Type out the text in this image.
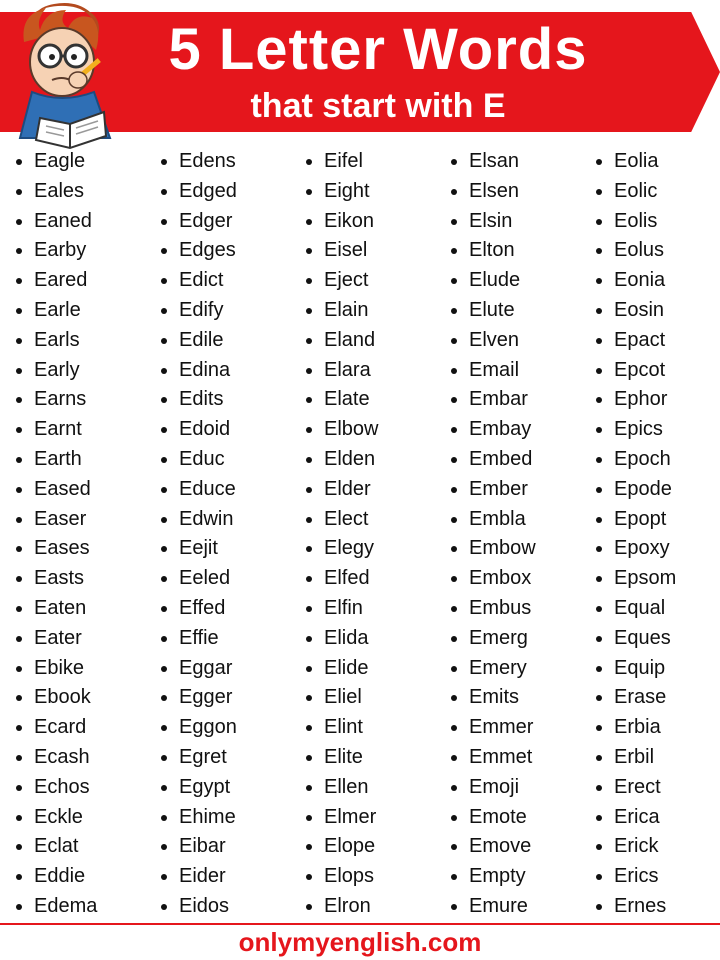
5 Letter Words
that start with E
Eagle
Eales
Eaned
Earby
Eared
Earle
Earls
Early
Earns
Earnt
Earth
Eased
Easer
Eases
Easts
Eaten
Eater
Ebike
Ebook
Ecard
Ecash
Echos
Eckle
Eclat
Eddie
Edema
Edens
Edged
Edger
Edges
Edict
Edify
Edile
Edina
Edits
Edoid
Educ
Educe
Edwin
Eejit
Eeled
Effed
Effie
Eggar
Egger
Eggon
Egret
Egypt
Ehime
Eibar
Eider
Eidos
Eifel
Eight
Eikon
Eisel
Eject
Elain
Eland
Elara
Elate
Elbow
Elden
Elder
Elect
Elegy
Elfed
Elfin
Elida
Elide
Eliel
Elint
Elite
Ellen
Elmer
Elope
Elops
Elron
Elsan
Elsen
Elsin
Elton
Elude
Elute
Elven
Email
Embar
Embay
Embed
Ember
Embla
Embow
Embox
Embus
Emerg
Emery
Emits
Emmer
Emmet
Emoji
Emote
Emove
Empty
Emure
Eolia
Eolic
Eolis
Eolus
Eonia
Eosin
Epact
Epcot
Ephor
Epics
Epoch
Epode
Epopt
Epoxy
Epsom
Equal
Eques
Equip
Erase
Erbia
Erbil
Erect
Erica
Erick
Erics
Ernes
onlymyenglish.com
